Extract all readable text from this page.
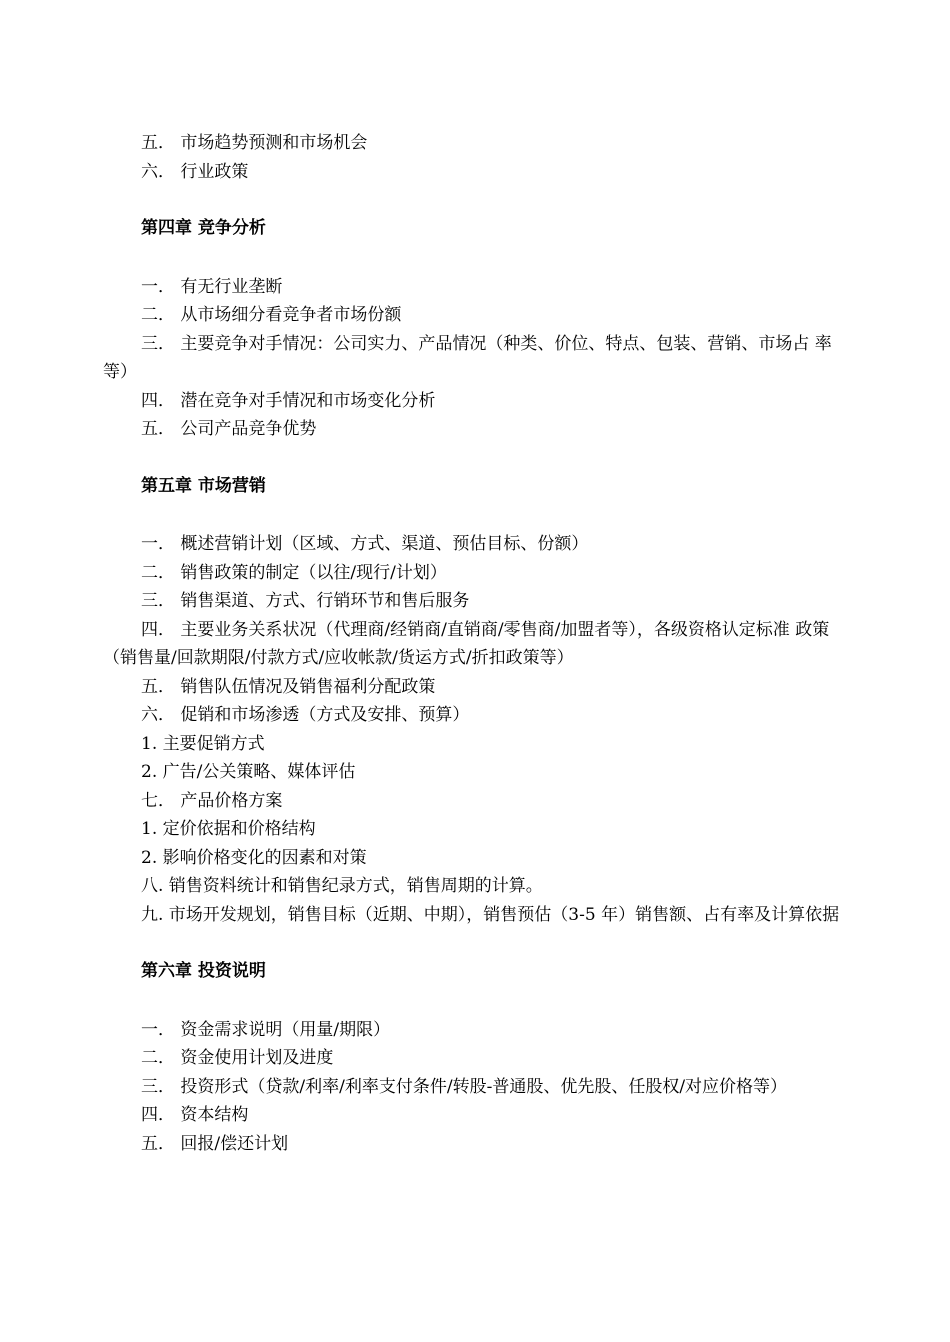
五． 市场趋势预测和市场机会

六． 行业政策

第四章 竞争分析

一． 有无行业垄断

二． 从市场细分看竞争者市场份额

三． 主要竞争对手情况：公司实力、产品情况（种类、价位、特点、包装、营销、市场占 率等）

四． 潜在竞争对手情况和市场变化分析

五． 公司产品竞争优势

第五章 市场营销

一． 概述营销计划（区域、方式、渠道、预估目标、份额）

二． 销售政策的制定（以往/现行/计划）

三． 销售渠道、方式、行销环节和售后服务

四． 主要业务关系状况（代理商/经销商/直销商/零售商/加盟者等），各级资格认定标准 政策（销售量/回款期限/付款方式/应收帐款/货运方式/折扣政策等）

五． 销售队伍情况及销售福利分配政策

六． 促销和市场渗透（方式及安排、预算）

1. 主要促销方式

2. 广告/公关策略、媒体评估

七． 产品价格方案

1. 定价依据和价格结构

2. 影响价格变化的因素和对策

八. 销售资料统计和销售纪录方式，销售周期的计算。

九. 市场开发规划，销售目标（近期、中期），销售预估（3-5 年）销售额、占有率及计算依据

第六章 投资说明

一． 资金需求说明（用量/期限）

二． 资金使用计划及进度

三． 投资形式（贷款/利率/利率支付条件/转股-普通股、优先股、任股权/对应价格等）

四． 资本结构

五． 回报/偿还计划
